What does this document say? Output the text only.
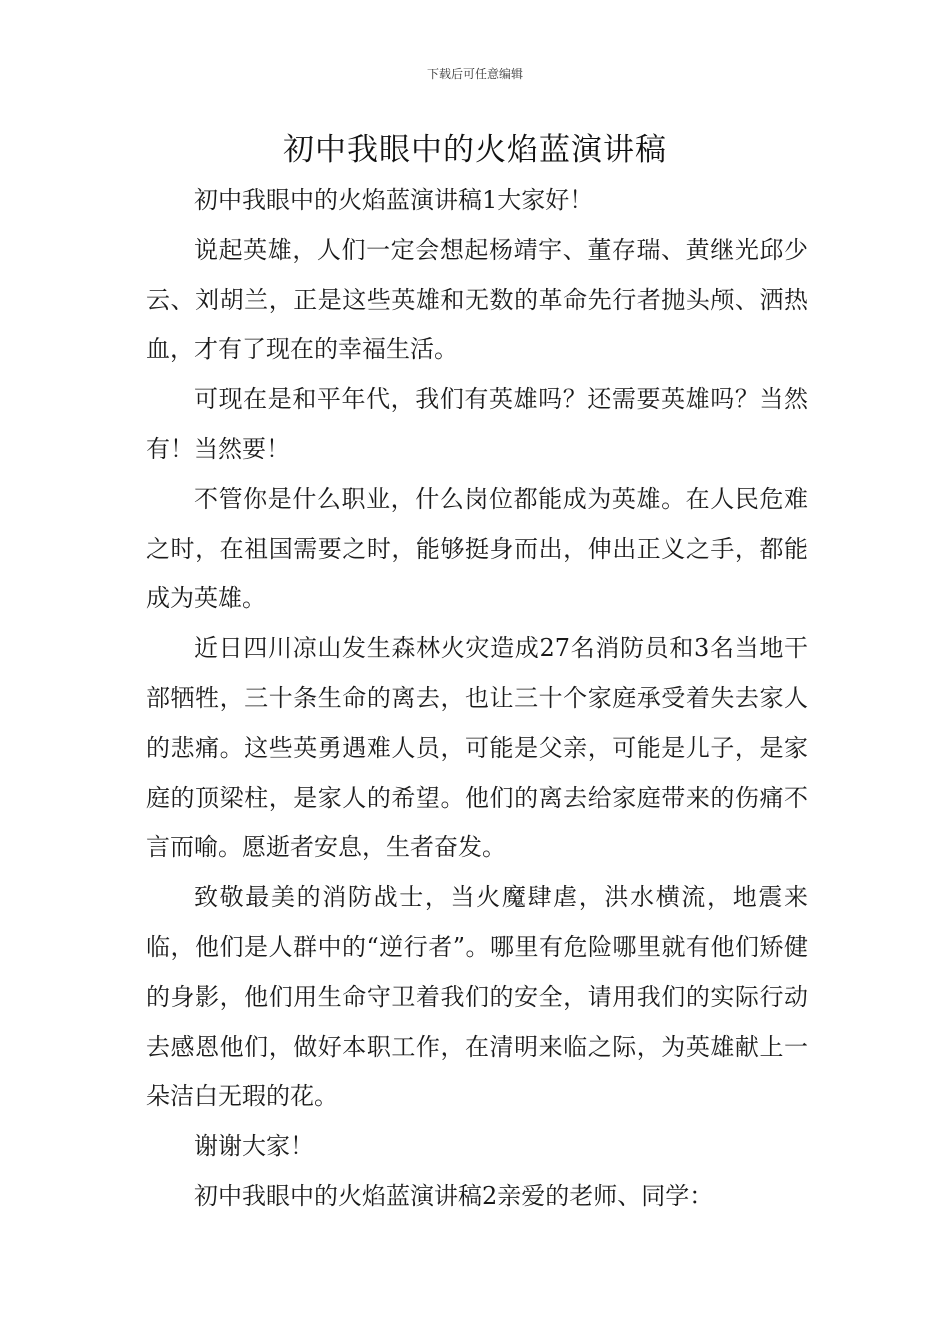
下载后可任意编辑
初中我眼中的火焰蓝演讲稿

初中我眼中的火焰蓝演讲稿1大家好！

说起英雄，人们一定会想起杨靖宇、董存瑞、黄继光邱少云、刘胡兰，正是这些英雄和无数的革命先行者抛头颅、洒热血，才有了现在的幸福生活。

可现在是和平年代，我们有英雄吗？还需要英雄吗？当然有！当然要！

不管你是什么职业，什么岗位都能成为英雄。在人民危难之时，在祖国需要之时，能够挺身而出，伸出正义之手，都能成为英雄。

近日四川凉山发生森林火灾造成27名消防员和3名当地干部牺牲，三十条生命的离去，也让三十个家庭承受着失去家人的悲痛。这些英勇遇难人员，可能是父亲，可能是儿子，是家庭的顶梁柱，是家人的希望。他们的离去给家庭带来的伤痛不言而喻。愿逝者安息，生者奋发。

致敬最美的消防战士，当火魔肆虐，洪水横流，地震来临，他们是人群中的“逆行者”。哪里有危险哪里就有他们矫健的身影，他们用生命守卫着我们的安全，请用我们的实际行动去感恩他们，做好本职工作，在清明来临之际，为英雄献上一朵洁白无瑕的花。

谢谢大家！

初中我眼中的火焰蓝演讲稿2亲爱的老师、同学：
